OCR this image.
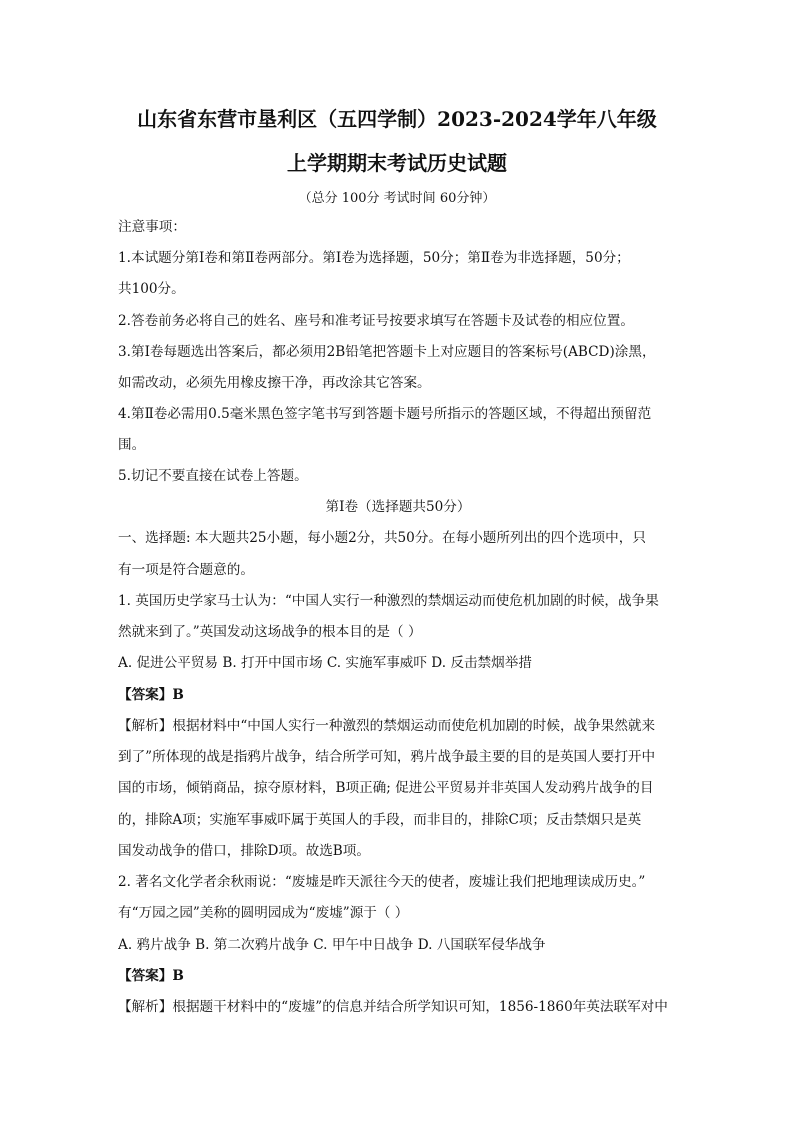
山东省东营市垦利区（五四学制）2023-2024学年八年级
上学期期末考试历史试题
（总分 100分 考试时间 60分钟）
注意事项：
1.本试题分第Ⅰ卷和第Ⅱ卷两部分。第Ⅰ卷为选择题，50分；第Ⅱ卷为非选择题，50分；
共100分。
2.答卷前务必将自己的姓名、座号和准考证号按要求填写在答题卡及试卷的相应位置。
3.第Ⅰ卷每题选出答案后，都必须用2B铅笔把答题卡上对应题目的答案标号(ABCD)涂黑，
如需改动，必须先用橡皮擦干净，再改涂其它答案。
4.第Ⅱ卷必需用0.5毫米黑色签字笔书写到答题卡题号所指示的答题区域，不得超出预留范
围。
5.切记不要直接在试卷上答题。
第Ⅰ卷（选择题共50分）
一、选择题: 本大题共25小题，每小题2分，共50分。在每小题所列出的四个选项中，只
有一项是符合题意的。
1. 英国历史学家马士认为：“中国人实行一种激烈的禁烟运动而使危机加剧的时候，战争果
然就来到了。”英国发动这场战争的根本目的是（ ）
A. 促进公平贸易 B. 打开中国市场 C. 实施军事威吓 D. 反击禁烟举措
【答案】B
【解析】根据材料中“中国人实行一种激烈的禁烟运动而使危机加剧的时候，战争果然就来
到了”所体现的战是指鸦片战争，结合所学可知，鸦片战争最主要的目的是英国人要打开中
国的市场，倾销商品，掠夺原材料，B项正确; 促进公平贸易并非英国人发动鸦片战争的目
的，排除A项；实施军事威吓属于英国人的手段，而非目的，排除C项；反击禁烟只是英
国发动战争的借口，排除D项。故选B项。
2. 著名文化学者余秋雨说：“废墟是昨天派往今天的使者，废墟让我们把地理读成历史。”
有“万园之园”美称的圆明园成为“废墟”源于（ ）
A. 鸦片战争 B. 第二次鸦片战争 C. 甲午中日战争 D. 八国联军侵华战争
【答案】B
【解析】根据题干材料中的“废墟”的信息并结合所学知识可知，1856-1860年英法联军对中
